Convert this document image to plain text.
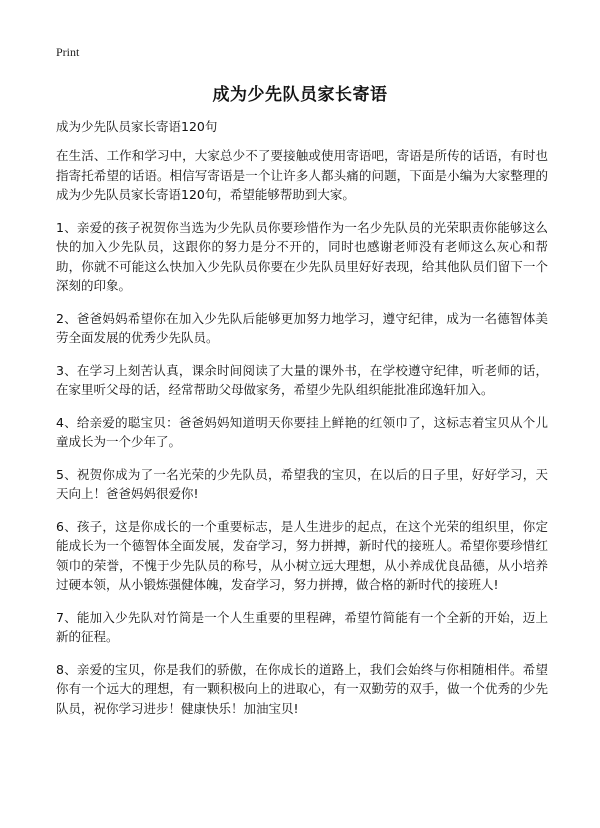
Print
成为少先队员家长寄语

成为少先队员家长寄语120句

在生活、工作和学习中，大家总少不了要接触或使用寄语吧，寄语是所传的话语，有时也指寄托希望的话语。相信写寄语是一个让许多人都头痛的问题，下面是小编为大家整理的成为少先队员家长寄语120句，希望能够帮助到大家。

1、亲爱的孩子祝贺你当选为少先队员你要珍惜作为一名少先队员的光荣职责你能够这么快的加入少先队员，这跟你的努力是分不开的，同时也感谢老师没有老师这么灰心和帮助，你就不可能这么快加入少先队员你要在少先队员里好好表现，给其他队员们留下一个深刻的印象。

2、爸爸妈妈希望你在加入少先队后能够更加努力地学习，遵守纪律，成为一名德智体美劳全面发展的优秀少先队员。

3、在学习上刻苦认真，课余时间阅读了大量的课外书，在学校遵守纪律，听老师的话，在家里听父母的话，经常帮助父母做家务，希望少先队组织能批准邱逸轩加入。

4、给亲爱的聪宝贝：爸爸妈妈知道明天你要挂上鲜艳的红领巾了，这标志着宝贝从个儿童成长为一个少年了。

5、祝贺你成为了一名光荣的少先队员，希望我的宝贝，在以后的日子里，好好学习，天天向上！爸爸妈妈很爱你!

6、孩子，这是你成长的一个重要标志，是人生进步的起点，在这个光荣的组织里，你定能成长为一个德智体全面发展，发奋学习，努力拼搏，新时代的接班人。希望你要珍惜红领巾的荣誉，不愧于少先队员的称号，从小树立远大理想，从小养成优良品德，从小培养过硬本领，从小锻炼强健体魄，发奋学习，努力拼搏，做合格的新时代的接班人!

7、能加入少先队对竹简是一个人生重要的里程碑，希望竹简能有一个全新的开始，迈上新的征程。

8、亲爱的宝贝，你是我们的骄傲，在你成长的道路上，我们会始终与你相随相伴。希望你有一个远大的理想，有一颗积极向上的进取心，有一双勤劳的双手，做一个优秀的少先队员，祝你学习进步！健康快乐！加油宝贝!
